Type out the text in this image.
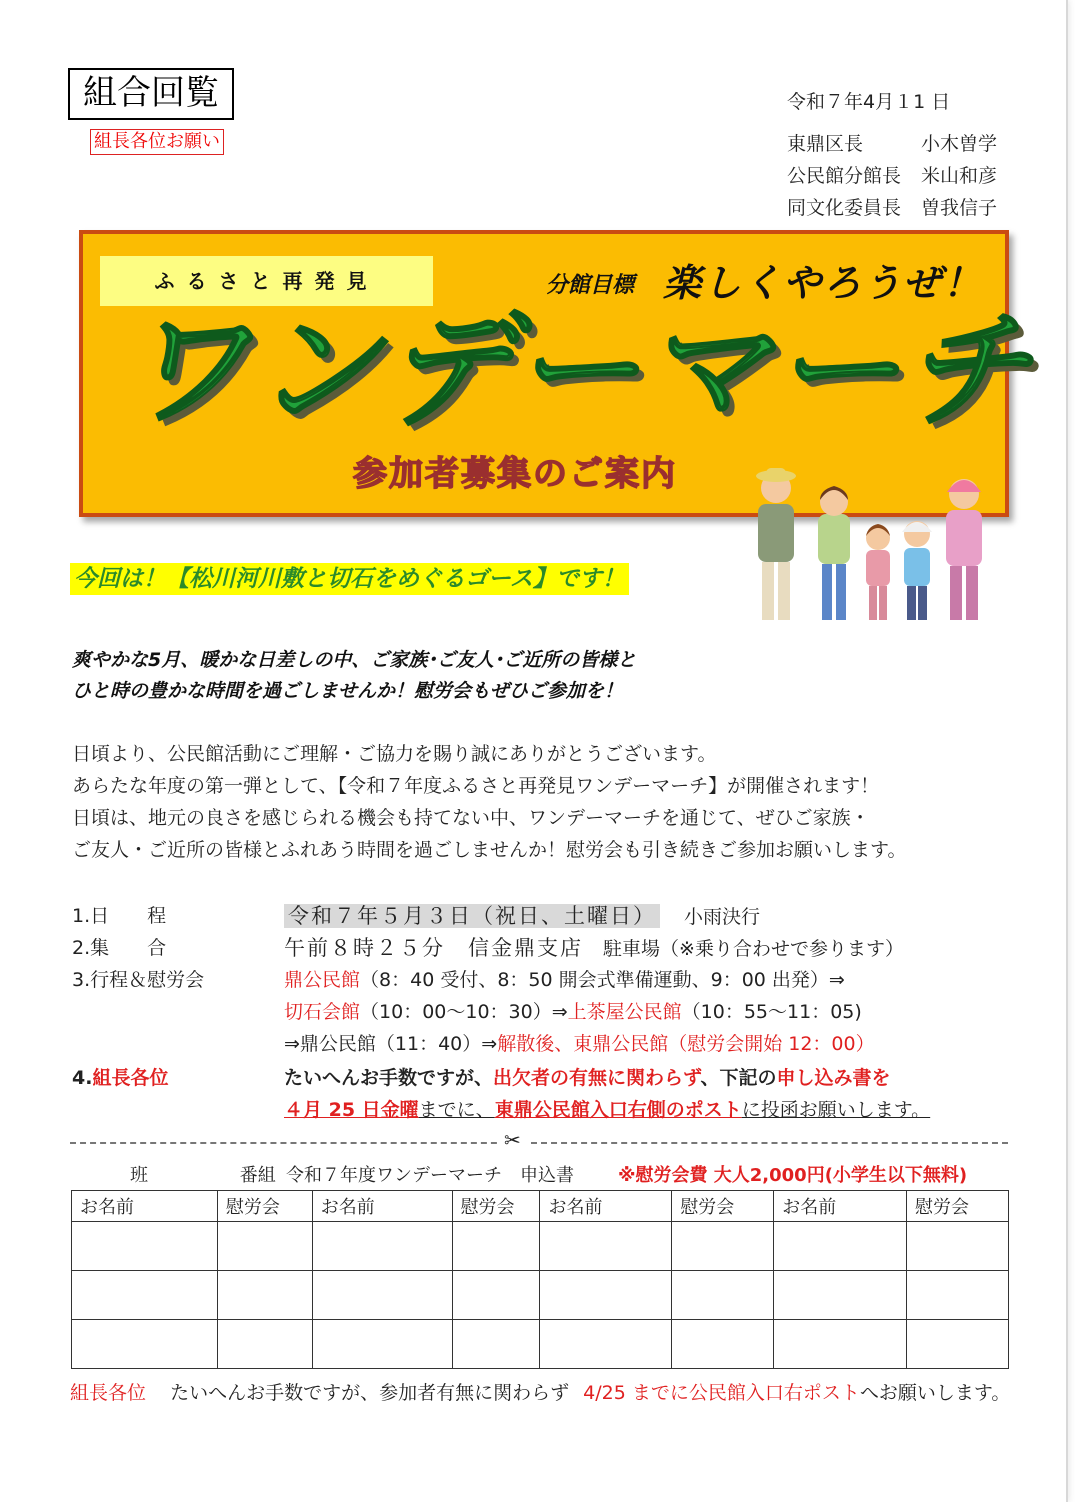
組合回覧
組長各位お願い
令和７年4月１1 日
東鼎区長	小木曽学
公民館分館長	米山和彦
同文化委員長	曽我信子
ふるさと再発見	分館目標 楽しくやろうぜ！
ワンデーマーチ
参加者募集のご案内
今回は！【松川河川敷と切石をめぐるゴース】です！
爽やかな5月、暖かな日差しの中、ご家族･ご友人･ご近所の皆様と
ひと時の豊かな時間を過ごしませんか！慰労会もぜひご参加を！
日頃より、公民館活動にご理解・ご協力を賜り誠にありがとうございます。
あらたな年度の第一弾として、【令和７年度ふるさと再発見ワンデーマーチ】が開催されます！
日頃は、地元の良さを感じられる機会も持てない中、ワンデーマーチを通じて、ぜひご家族・
ご友人・ご近所の皆様とふれあう時間を過ごしませんか！慰労会も引き続きご参加お願いします。
1.日　　程	令和７年５月３日（祝日、土曜日） 小雨決行
2.集　　合	午前８時２５分　信金鼎支店 駐車場（※乗り合わせで参ります）
3.行程＆慰労会	鼎公民館（8：40 受付、8：50 開会式準備運動、9：00 出発）⇒
切石会館（10：00〜10：30）⇒上茶屋公民館（10：55〜11：05)
⇒鼎公民館（11：40）⇒解散後、東鼎公民館（慰労会開始 12：00）
4.組長各位	たいへんお手数ですが、出欠者の有無に関わらず、下記の申し込み書を
４月 25 日金曜までに、東鼎公民館入口右側のポストに投函お願いします。
✂
班	番組 令和７年度ワンデーマーチ　申込書 ※慰労会費 大人2,000円(小学生以下無料)
お名前	慰労会	お名前	慰労会	お名前	慰労会	お名前	慰労会

組長各位 たいへんお手数ですが、参加者有無に関わらず 4/25 までに公民館入口右ポストへお願いします。
